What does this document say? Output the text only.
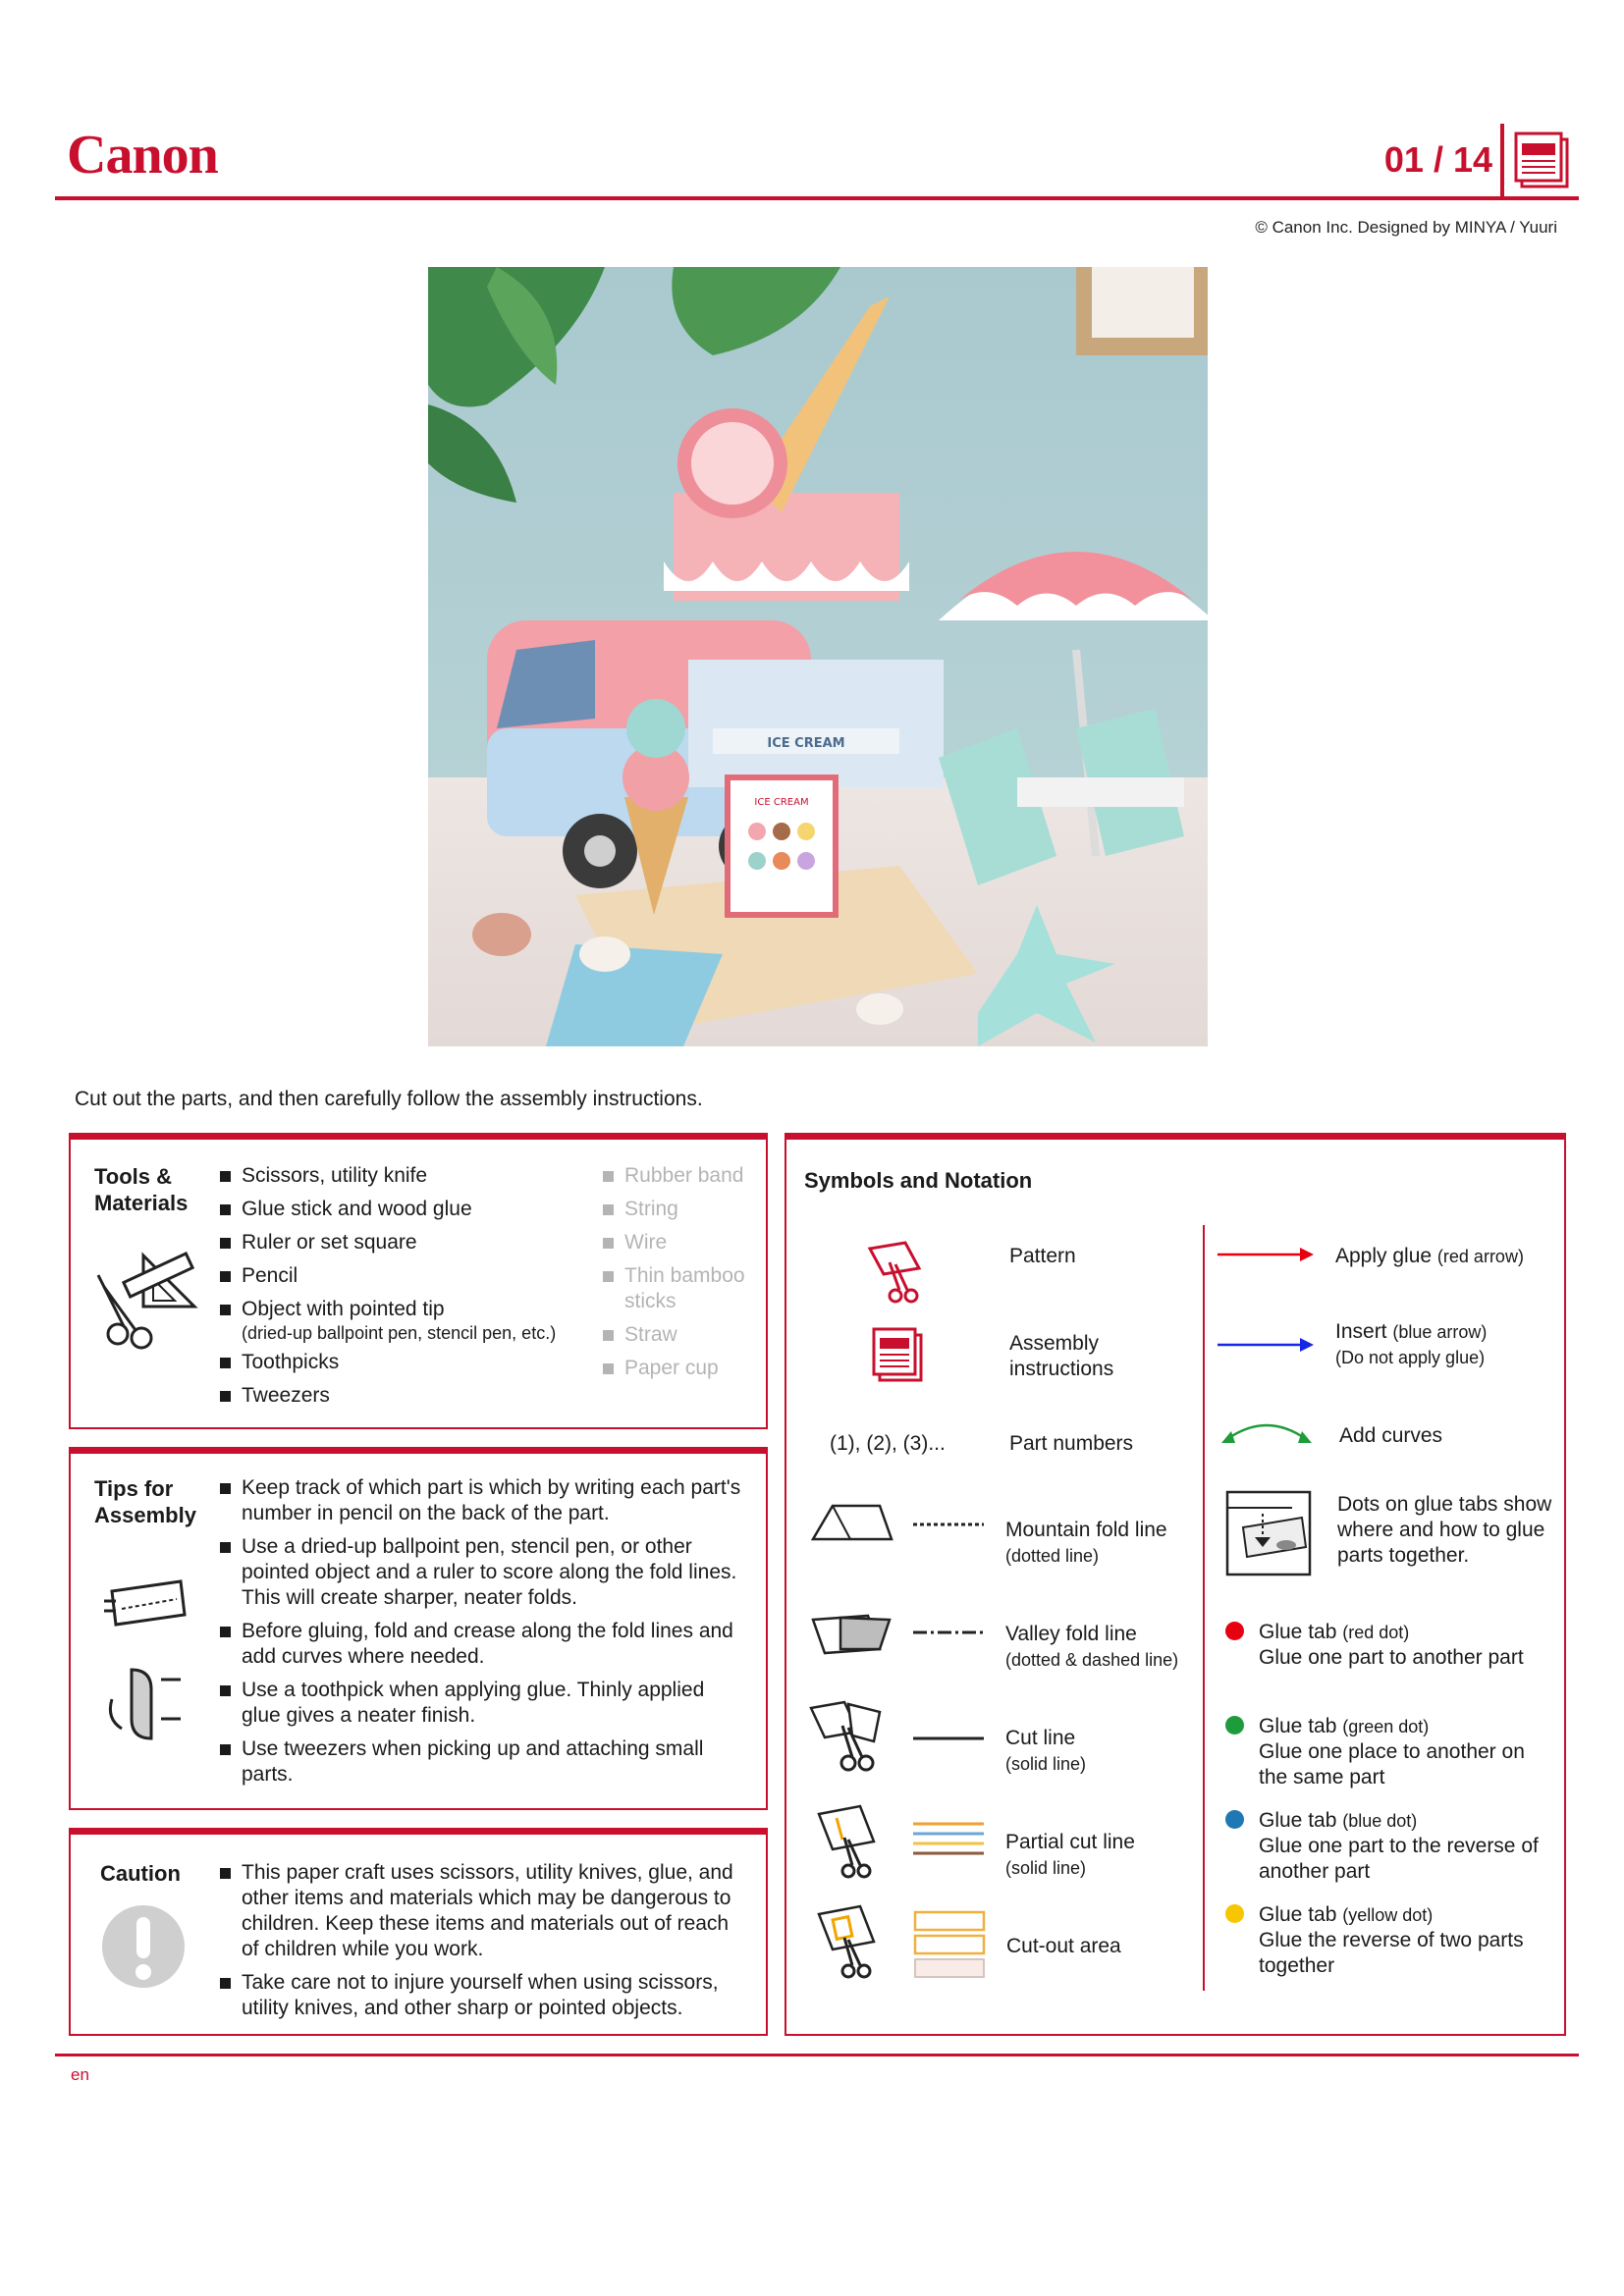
Canon	01 / 14
© Canon Inc. Designed by MINYA / Yuuri
ICE CREAM
ICE CREAM
Cut out the parts, and then carefully follow the assembly instructions.
Tools & Materials
Scissors, utility knife
Glue stick and wood glue
Ruler or set square
Pencil
Object with pointed tip
(dried-up ballpoint pen, stencil pen, etc.)
Toothpicks
Tweezers
Rubber band
String
Wire
Thin bamboo sticks
Straw
Paper cup
Tips for Assembly
Keep track of which part is which by writing each part's number in pencil on the back of the part.
Use a dried-up ballpoint pen, stencil pen, or other pointed object and a ruler to score along the fold lines. This will create sharper, neater folds.
Before gluing, fold and crease along the fold lines and add curves where needed.
Use a toothpick when applying glue. Thinly applied glue gives a neater finish.
Use tweezers when picking up and attaching small parts.
Caution	This paper craft uses scissors, utility knives, glue, and other items and materials which may be dangerous to children. Keep these items and materials out of reach of children while you work.
Take care not to injure yourself when using scissors, utility knives, and other sharp or pointed objects.
Symbols and Notation
(1), (2), (3)...
Pattern
Assembly instructions
Part numbers
Mountain fold line
(dotted line)
Valley fold line
(dotted & dashed line)
Cut line
(solid line)
Partial cut line
(solid line)
Cut-out area
Apply glue (red arrow)
Insert (blue arrow)
(Do not apply glue)
Add curves
Dots on glue tabs show where and how to glue parts together.
Glue tab (red dot)
Glue one part to another part
Glue tab (green dot)
Glue one place to another on the same part
Glue tab (blue dot)
Glue one part to the reverse of another part
Glue tab (yellow dot)
Glue the reverse of two parts together
en
